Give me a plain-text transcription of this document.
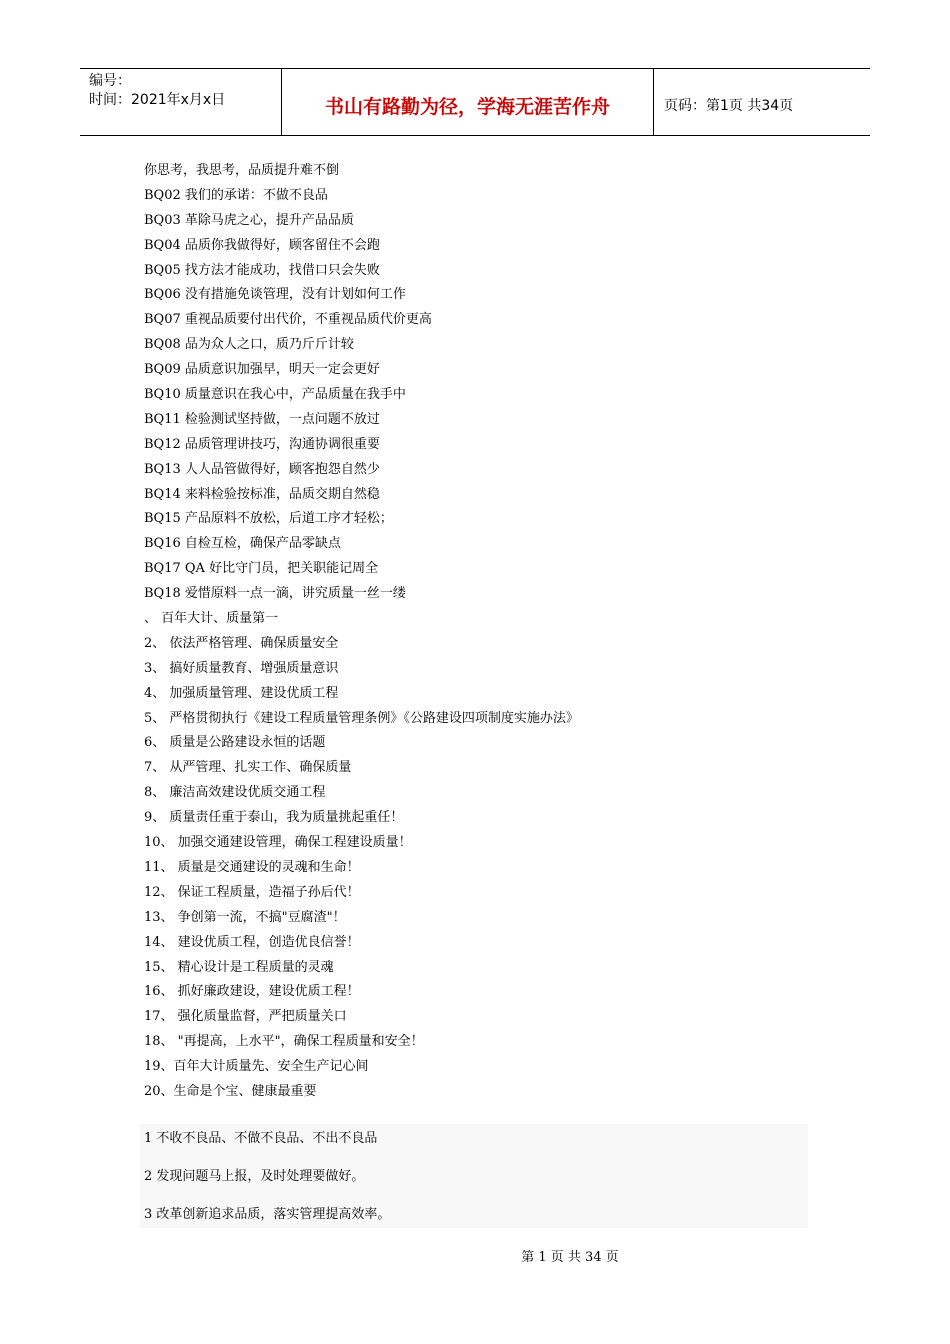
编号：
时间：2021年x月x日	书山有路勤为径，学海无涯苦作舟	页码：第1页 共34页
你思考，我思考，品质提升难不倒
BQ02 我们的承诺：不做不良品
BQ03 革除马虎之心，提升产品品质
BQ04 品质你我做得好，顾客留住不会跑
BQ05 找方法才能成功，找借口只会失败
BQ06 没有措施免谈管理，没有计划如何工作
BQ07 重视品质要付出代价，不重视品质代价更高
BQ08 品为众人之口，质乃斤斤计较
BQ09 品质意识加强早，明天一定会更好
BQ10 质量意识在我心中，产品质量在我手中
BQ11 检验测试坚持做，一点问题不放过
BQ12 品质管理讲技巧，沟通协调很重要
BQ13 人人品管做得好，顾客抱怨自然少
BQ14 来料检验按标准，品质交期自然稳
BQ15 产品原料不放松，后道工序才轻松；
BQ16 自检互检，确保产品零缺点
BQ17 QA 好比守门员，把关职能记周全
BQ18 爱惜原料一点一滴，讲究质量一丝一缕
、 百年大计、质量第一
2、 依法严格管理、确保质量安全
3、 搞好质量教育、增强质量意识
4、 加强质量管理、建设优质工程
5、 严格贯彻执行《建设工程质量管理条例》《公路建设四项制度实施办法》
6、 质量是公路建设永恒的话题
7、 从严管理、扎实工作、确保质量
8、 廉洁高效建设优质交通工程
9、 质量责任重于泰山，我为质量挑起重任！
10、 加强交通建设管理，确保工程建设质量！
11、 质量是交通建设的灵魂和生命！
12、 保证工程质量，造福子孙后代！
13、 争创第一流，不搞"豆腐渣"！
14、 建设优质工程，创造优良信誉！
15、 精心设计是工程质量的灵魂
16、 抓好廉政建设，建设优质工程！
17、 强化质量监督，严把质量关口
18、 "再提高，上水平"，确保工程质量和安全！
19、百年大计质量先、安全生产记心间
20、生命是个宝、健康最重要
1 不收不良品、不做不良品、不出不良品
2 发现问题马上报，及时处理要做好。
3 改革创新追求品质，落实管理提高效率。
第 1 页 共 34 页
